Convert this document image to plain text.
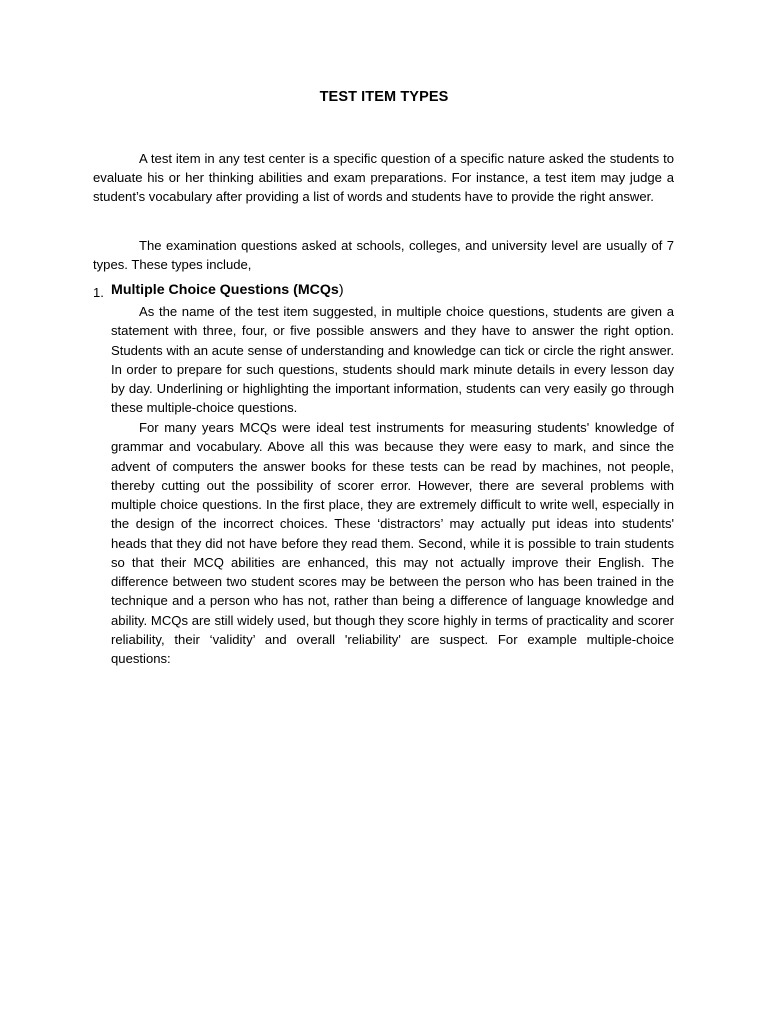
TEST ITEM TYPES

A test item in any test center is a specific question of a specific nature asked the students to evaluate his or her thinking abilities and exam preparations. For instance, a test item may judge a student’s vocabulary after providing a list of words and students have to provide the right answer.

The examination questions asked at schools, colleges, and university level are usually of 7 types. These types include,

1. Multiple Choice Questions (MCQs)

As the name of the test item suggested, in multiple choice questions, students are given a statement with three, four, or five possible answers and they have to answer the right option. Students with an acute sense of understanding and knowledge can tick or circle the right answer. In order to prepare for such questions, students should mark minute details in every lesson day by day. Underlining or highlighting the important information, students can very easily go through these multiple-choice questions.

For many years MCQs were ideal test instruments for measuring students' knowledge of grammar and vocabulary. Above all this was because they were easy to mark, and since the advent of computers the answer books for these tests can be read by machines, not people, thereby cutting out the possibility of scorer error. However, there are several problems with multiple choice questions. In the first place, they are extremely difficult to write well, especially in the design of the incorrect choices. These ‘distractors’ may actually put ideas into students' heads that they did not have before they read them. Second, while it is possible to train students so that their MCQ abilities are enhanced, this may not actually improve their English. The difference between two student scores may be between the person who has been trained in the technique and a person who has not, rather than being a difference of language knowledge and ability. MCQs are still widely used, but though they score highly in terms of practicality and scorer reliability, their ‘validity’ and overall 'reliability' are suspect. For example multiple-choice questions:
